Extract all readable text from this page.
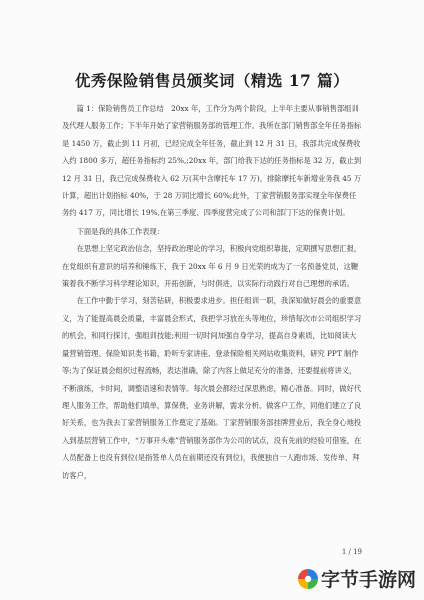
优秀保险销售员颁奖词（精选 17 篇）

篇 1：保险销售员工作总结　20xx 年，工作分为两个阶段，上半年主要从事销售部组训及代理人服务工作；下半年开始了家营销服务部的管理工作。我所在部门销售部全年任务指标是 1450 万，截止到 11 月初，已经完成全年任务，截止到 12 月 31 日，我部共完成保费收入约 1800 多万，超任务指标约 25%,;20xx 年，部门给我下达的任务指标是 32 万，截止到 12 月 31 日，我已完成保费收入 62 万(其中含摩托车 17 万)，排除摩托车新增业务我 45 万计算，超出计划指标 40%，于 28 万同比增长 60%;此外，丁家营销服务部实现全年保费任务约 417 万，同比增长 19%,在第三季度、四季度营完成了公司和部门下达的保费计划。

下面是我的具体工作表现：

在思想上坚定政治信念，坚持政治理论的学习，积极向党组织靠拢，定期撰写思想汇报，在党组织有意识的培养和锤炼下，我于 20xx 年 6 月 9 日光荣的成为了一名预备党员，这鞭策着我不断学习科学理论知识，开拓创新，与时俱进，以实际行动践行对自己理想的承诺。

在工作中勤于学习，刻苦钻研，积极要求进步。担任组训一职，我深知做好晨会的重要意义，为了能提高晨会质量，丰富晨会形式，我把学习放在头等地位，珍惜每次市公司组织学习的机会，和同行探讨，强组训技能;利用一切时间加强自身学习，提高自身素质，比如阅读大量营销管理、保险知识类书籍，聆听专家讲座、登录保险相关网站收集资料，研究 PPT 制作等;为了保证晨会组织过程流畅，表达准确，除了内容上做足充分的准备，还要提前将讲义，不断演练，卡时间，调整语速和表情等。每次晨会都经过深思熟虑，精心准备。同时，做好代理人服务工作，帮助他们填单，算保费，业务讲解，需求分析。做客户工作，同他们建立了良好关系，也为我去丁家营销服务工作奠定了基础。丁家营销服务部挂牌营业后，我全身心地投入到基层营销工作中，“万事开头难”营销服务部作为公司的试点，没有先前的经验可借鉴，在人员配备上也没有到位(是指签单人员在前期还没有到位)，我便独自一人跑市场、发传单、拜访客户，

1 / 19
字节手游网
